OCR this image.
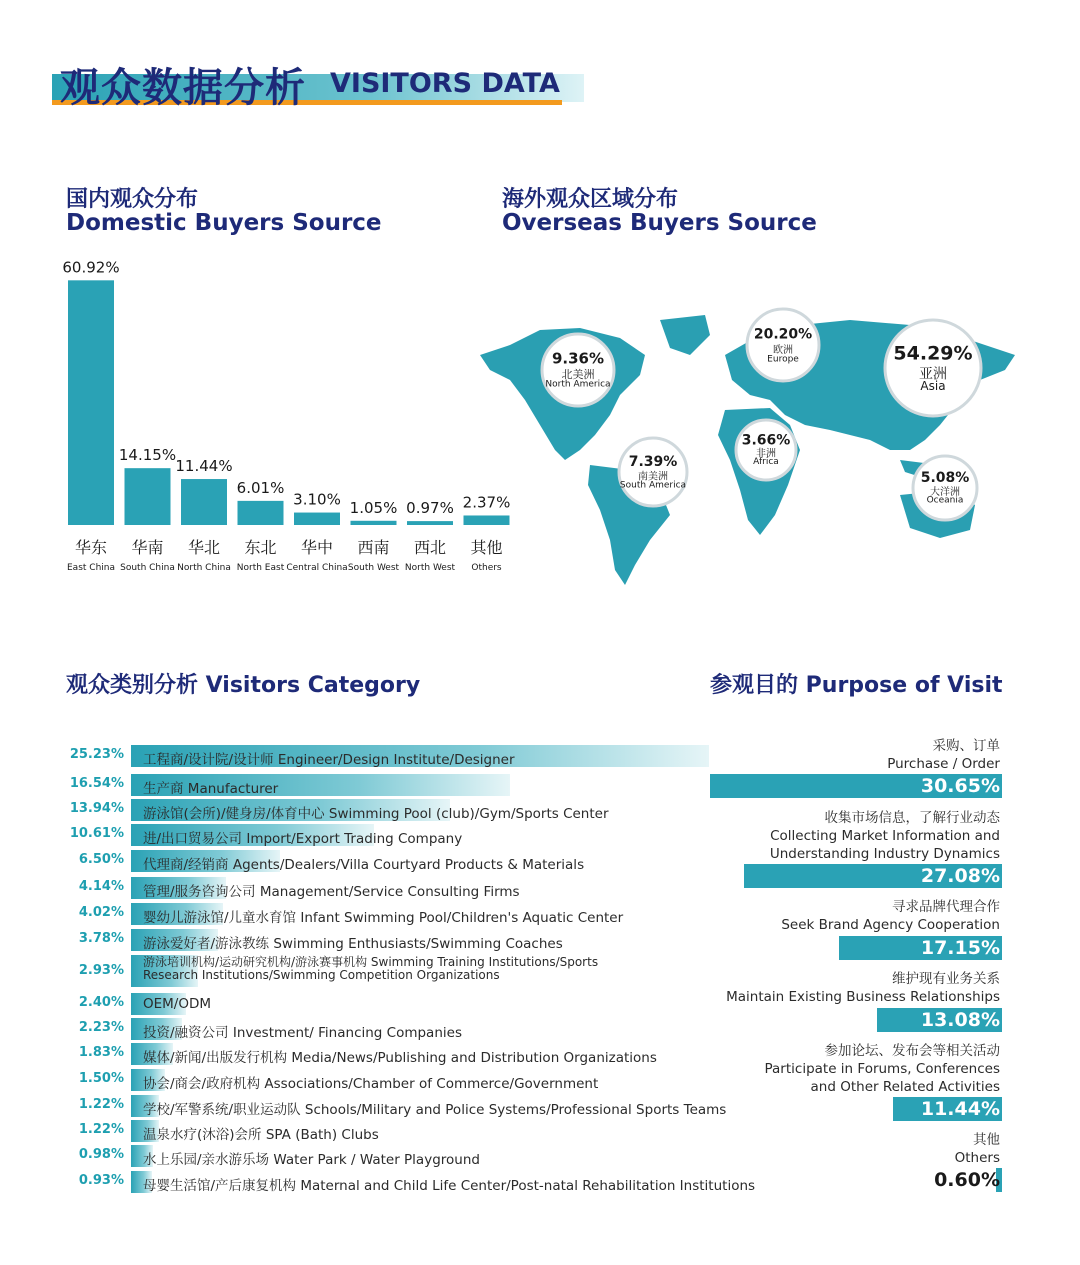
观众数据分析 VISITORS DATA
国内观众分布
Domestic Buyers Source
海外观众区域分布
Overseas Buyers Source
60.92%
华东
East China
14.15%
华南
South China
11.44%
华北
North China
6.01%
东北
North East
3.10%
华中
Central China
1.05%
西南
South West
0.97%
西北
North West
2.37%
其他
Others
9.36%
北美洲
North America
20.20%
欧洲
Europe	54.29%
亚洲
Asia
7.39%
南美洲
South America
3.66%
非洲
Africa
5.08%
大洋洲
Oceania
观众类别分析 Visitors Category
25.23% 工程商/设计院/设计师 Engineer/Design Institute/Designer
16.54% 生产商 Manufacturer
13.94% 游泳馆(会所)/健身房/体育中心 Swimming Pool (club)/Gym/Sports Center
10.61% 进/出口贸易公司 Import/Export Trading Company
6.50% 代理商/经销商 Agents/Dealers/Villa Courtyard Products & Materials
4.14% 管理/服务咨询公司 Management/Service Consulting Firms
4.02% 婴幼儿游泳馆/儿童水育馆 Infant Swimming Pool/Children's Aquatic Center
3.78% 游泳爱好者/游泳教练 Swimming Enthusiasts/Swimming Coaches
2.93%
游泳培训机构/运动研究机构/游泳赛事机构 Swimming Training Institutions/Sports
Research Institutions/Swimming Competition Organizations
2.40% OEM/ODM
2.23% 投资/融资公司 Investment/ Financing Companies
1.83% 媒体/新闻/出版发行机构 Media/News/Publishing and Distribution Organizations
1.50% 协会/商会/政府机构 Associations/Chamber of Commerce/Government
1.22% 学校/军警系统/职业运动队 Schools/Military and Police Systems/Professional Sports Teams
1.22% 温泉水疗(沐浴)会所 SPA (Bath) Clubs
0.98% 水上乐园/亲水游乐场 Water Park / Water Playground
0.93% 母婴生活馆/产后康复机构 Maternal and Child Life Center/Post-natal Rehabilitation Institutions
参观目的 Purpose of Visit
采购、订单
Purchase / Order
30.65%
收集市场信息，了解行业动态
Collecting Market Information and
Understanding Industry Dynamics
27.08%
寻求品牌代理合作
Seek Brand Agency Cooperation
17.15%
维护现有业务关系
Maintain Existing Business Relationships
13.08%
参加论坛、发布会等相关活动
Participate in Forums, Conferences
and Other Related Activities
11.44%
其他
Others
0.60%
